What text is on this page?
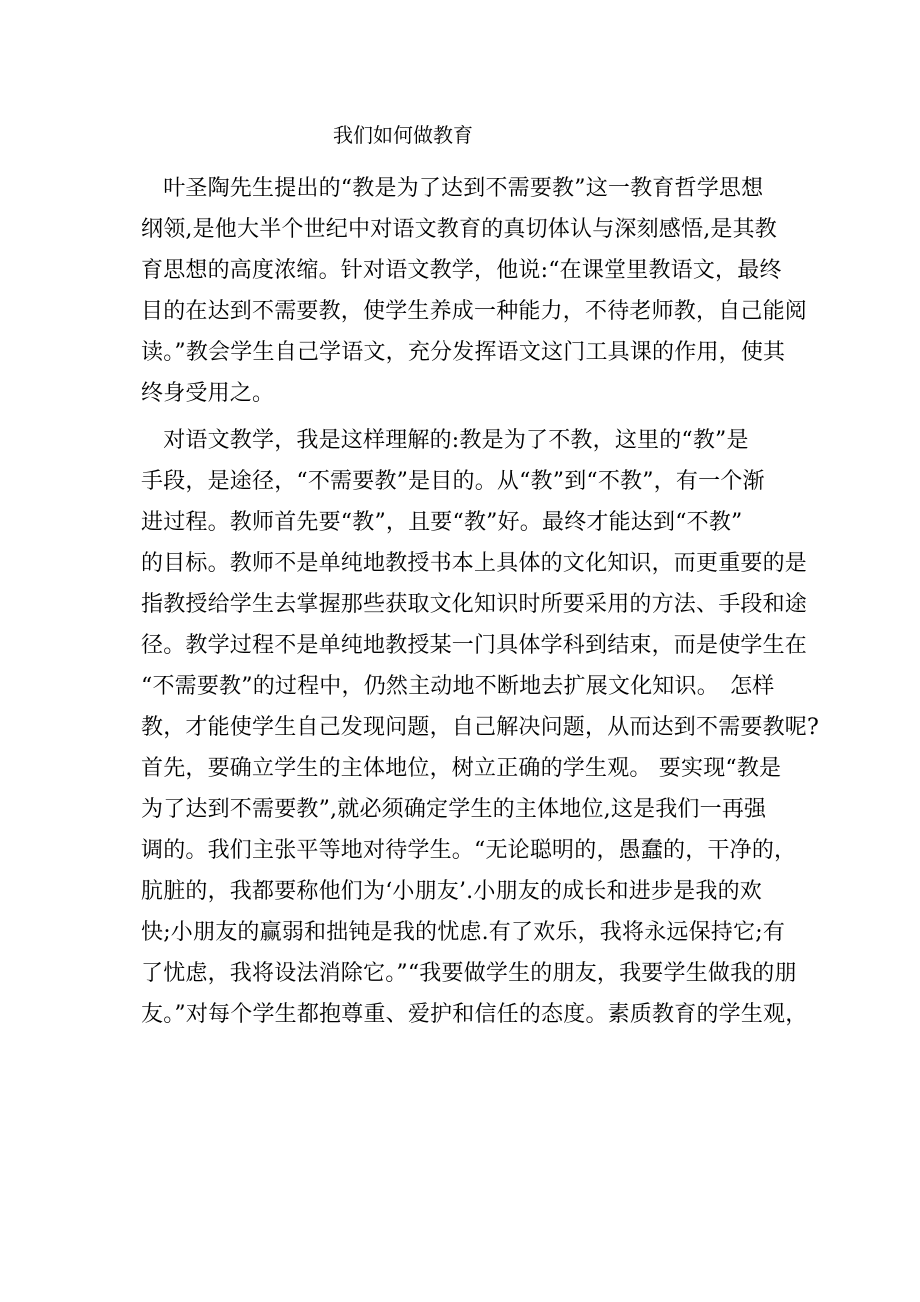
我们如何做教育
　叶圣陶先生提出的“教是为了达到不需要教”这一教育哲学思想
纲领,是他大半个世纪中对语文教育的真切体认与深刻感悟,是其教
育思想的高度浓缩。针对语文教学，他说:“在课堂里教语文，最终
目的在达到不需要教，使学生养成一种能力，不待老师教，自己能阅
读。”教会学生自己学语文，充分发挥语文这门工具课的作用，使其
终身受用之。
　对语文教学，我是这样理解的:教是为了不教，这里的“教”是
手段，是途径，“不需要教”是目的。从“教”到“不教”，有一个渐
进过程。教师首先要“教”，且要“教”好。最终才能达到“不教”
的目标。教师不是单纯地教授书本上具体的文化知识，而更重要的是
指教授给学生去掌握那些获取文化知识时所要采用的方法、手段和途
径。教学过程不是单纯地教授某一门具体学科到结束，而是使学生在
“不需要教”的过程中，仍然主动地不断地去扩展文化知识。　怎样
教，才能使学生自己发现问题，自己解决问题，从而达到不需要教呢?
首先，要确立学生的主体地位，树立正确的学生观。 要实现“教是
为了达到不需要教”,就必须确定学生的主体地位,这是我们一再强
调的。我们主张平等地对待学生。“无论聪明的，愚蠢的，干净的，
肮脏的，我都要称他们为‘小朋友’.小朋友的成长和进步是我的欢
快;小朋友的赢弱和拙钝是我的忧虑.有了欢乐，我将永远保持它;有
了忧虑，我将设法消除它。”“我要做学生的朋友，我要学生做我的朋
友。”对每个学生都抱尊重、爱护和信任的态度。素质教育的学生观，
